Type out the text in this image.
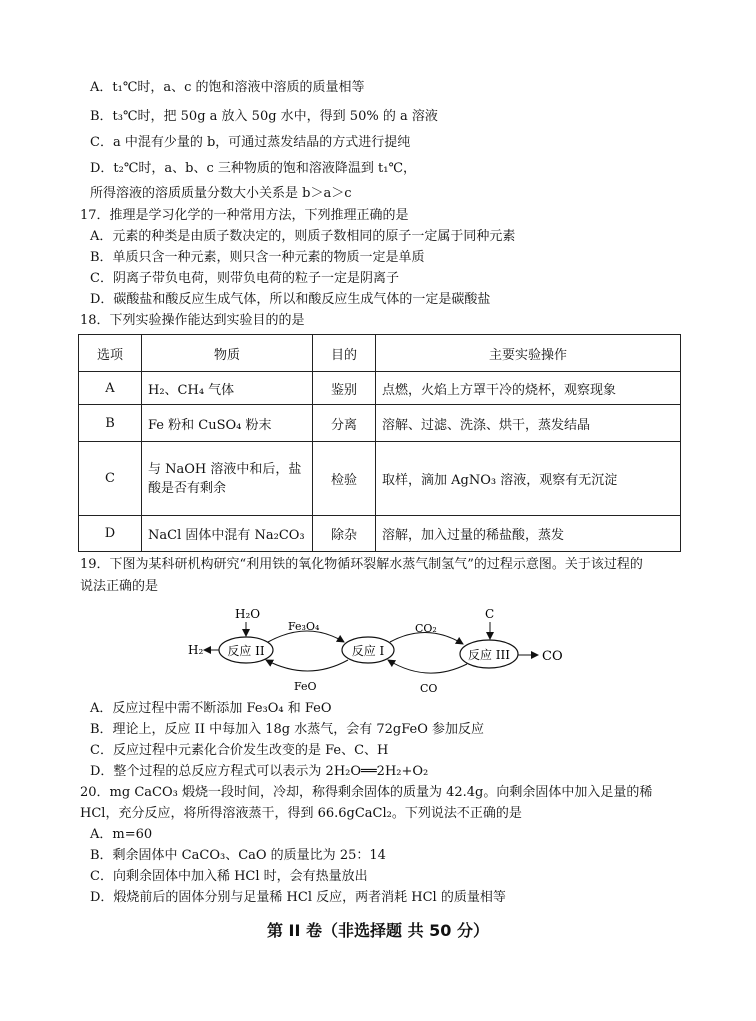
A．t₁℃时，a、c 的饱和溶液中溶质的质量相等
B．t₃℃时，把 50g a 放入 50g 水中，得到 50% 的 a 溶液
C．a 中混有少量的 b，可通过蒸发结晶的方式进行提纯
D．t₂℃时，a、b、c 三种物质的饱和溶液降温到 t₁℃，
所得溶液的溶质质量分数大小关系是 b＞a＞c
17．推理是学习化学的一种常用方法，下列推理正确的是
A．元素的种类是由质子数决定的，则质子数相同的原子一定属于同种元素
B．单质只含一种元素，则只含一种元素的物质一定是单质
C．阴离子带负电荷，则带负电荷的粒子一定是阴离子
D．碳酸盐和酸反应生成气体，所以和酸反应生成气体的一定是碳酸盐
18．下列实验操作能达到实验目的的是
选项	物质	目的	主要实验操作
A	H₂、CH₄ 气体	鉴别	点燃，火焰上方罩干冷的烧杯，观察现象
B	Fe 粉和 CuSO₄ 粉末	分离	溶解、过滤、洗涤、烘干，蒸发结晶
C	与 NaOH 溶液中和后，盐酸是否有剩余	检验	取样，滴加 AgNO₃ 溶液，观察有无沉淀
D	NaCl 固体中混有 Na₂CO₃	除杂	溶解，加入过量的稀盐酸，蒸发
19．下图为某科研机构研究“利用铁的氧化物循环裂解水蒸气制氢气”的过程示意图。关于该过程的
说法正确的是
反应 II	反应 I	反应 III
H₂O
H₂
Fe₃O₄
FeO
CO₂
CO
C
CO
A．反应过程中需不断添加 Fe₃O₄ 和 FeO
B．理论上，反应 II 中每加入 18g 水蒸气，会有 72gFeO 参加反应
C．反应过程中元素化合价发生改变的是 Fe、C、H
D．整个过程的总反应方程式可以表示为 2H₂O══2H₂+O₂
20．mg CaCO₃ 煅烧一段时间，冷却，称得剩余固体的质量为 42.4g。向剩余固体中加入足量的稀
HCl，充分反应，将所得溶液蒸干，得到 66.6gCaCl₂。下列说法不正确的是
A．m=60
B．剩余固体中 CaCO₃、CaO 的质量比为 25：14
C．向剩余固体中加入稀 HCl 时，会有热量放出
D．煅烧前后的固体分别与足量稀 HCl 反应，两者消耗 HCl 的质量相等
第 II 卷（非选择题 共 50 分）
